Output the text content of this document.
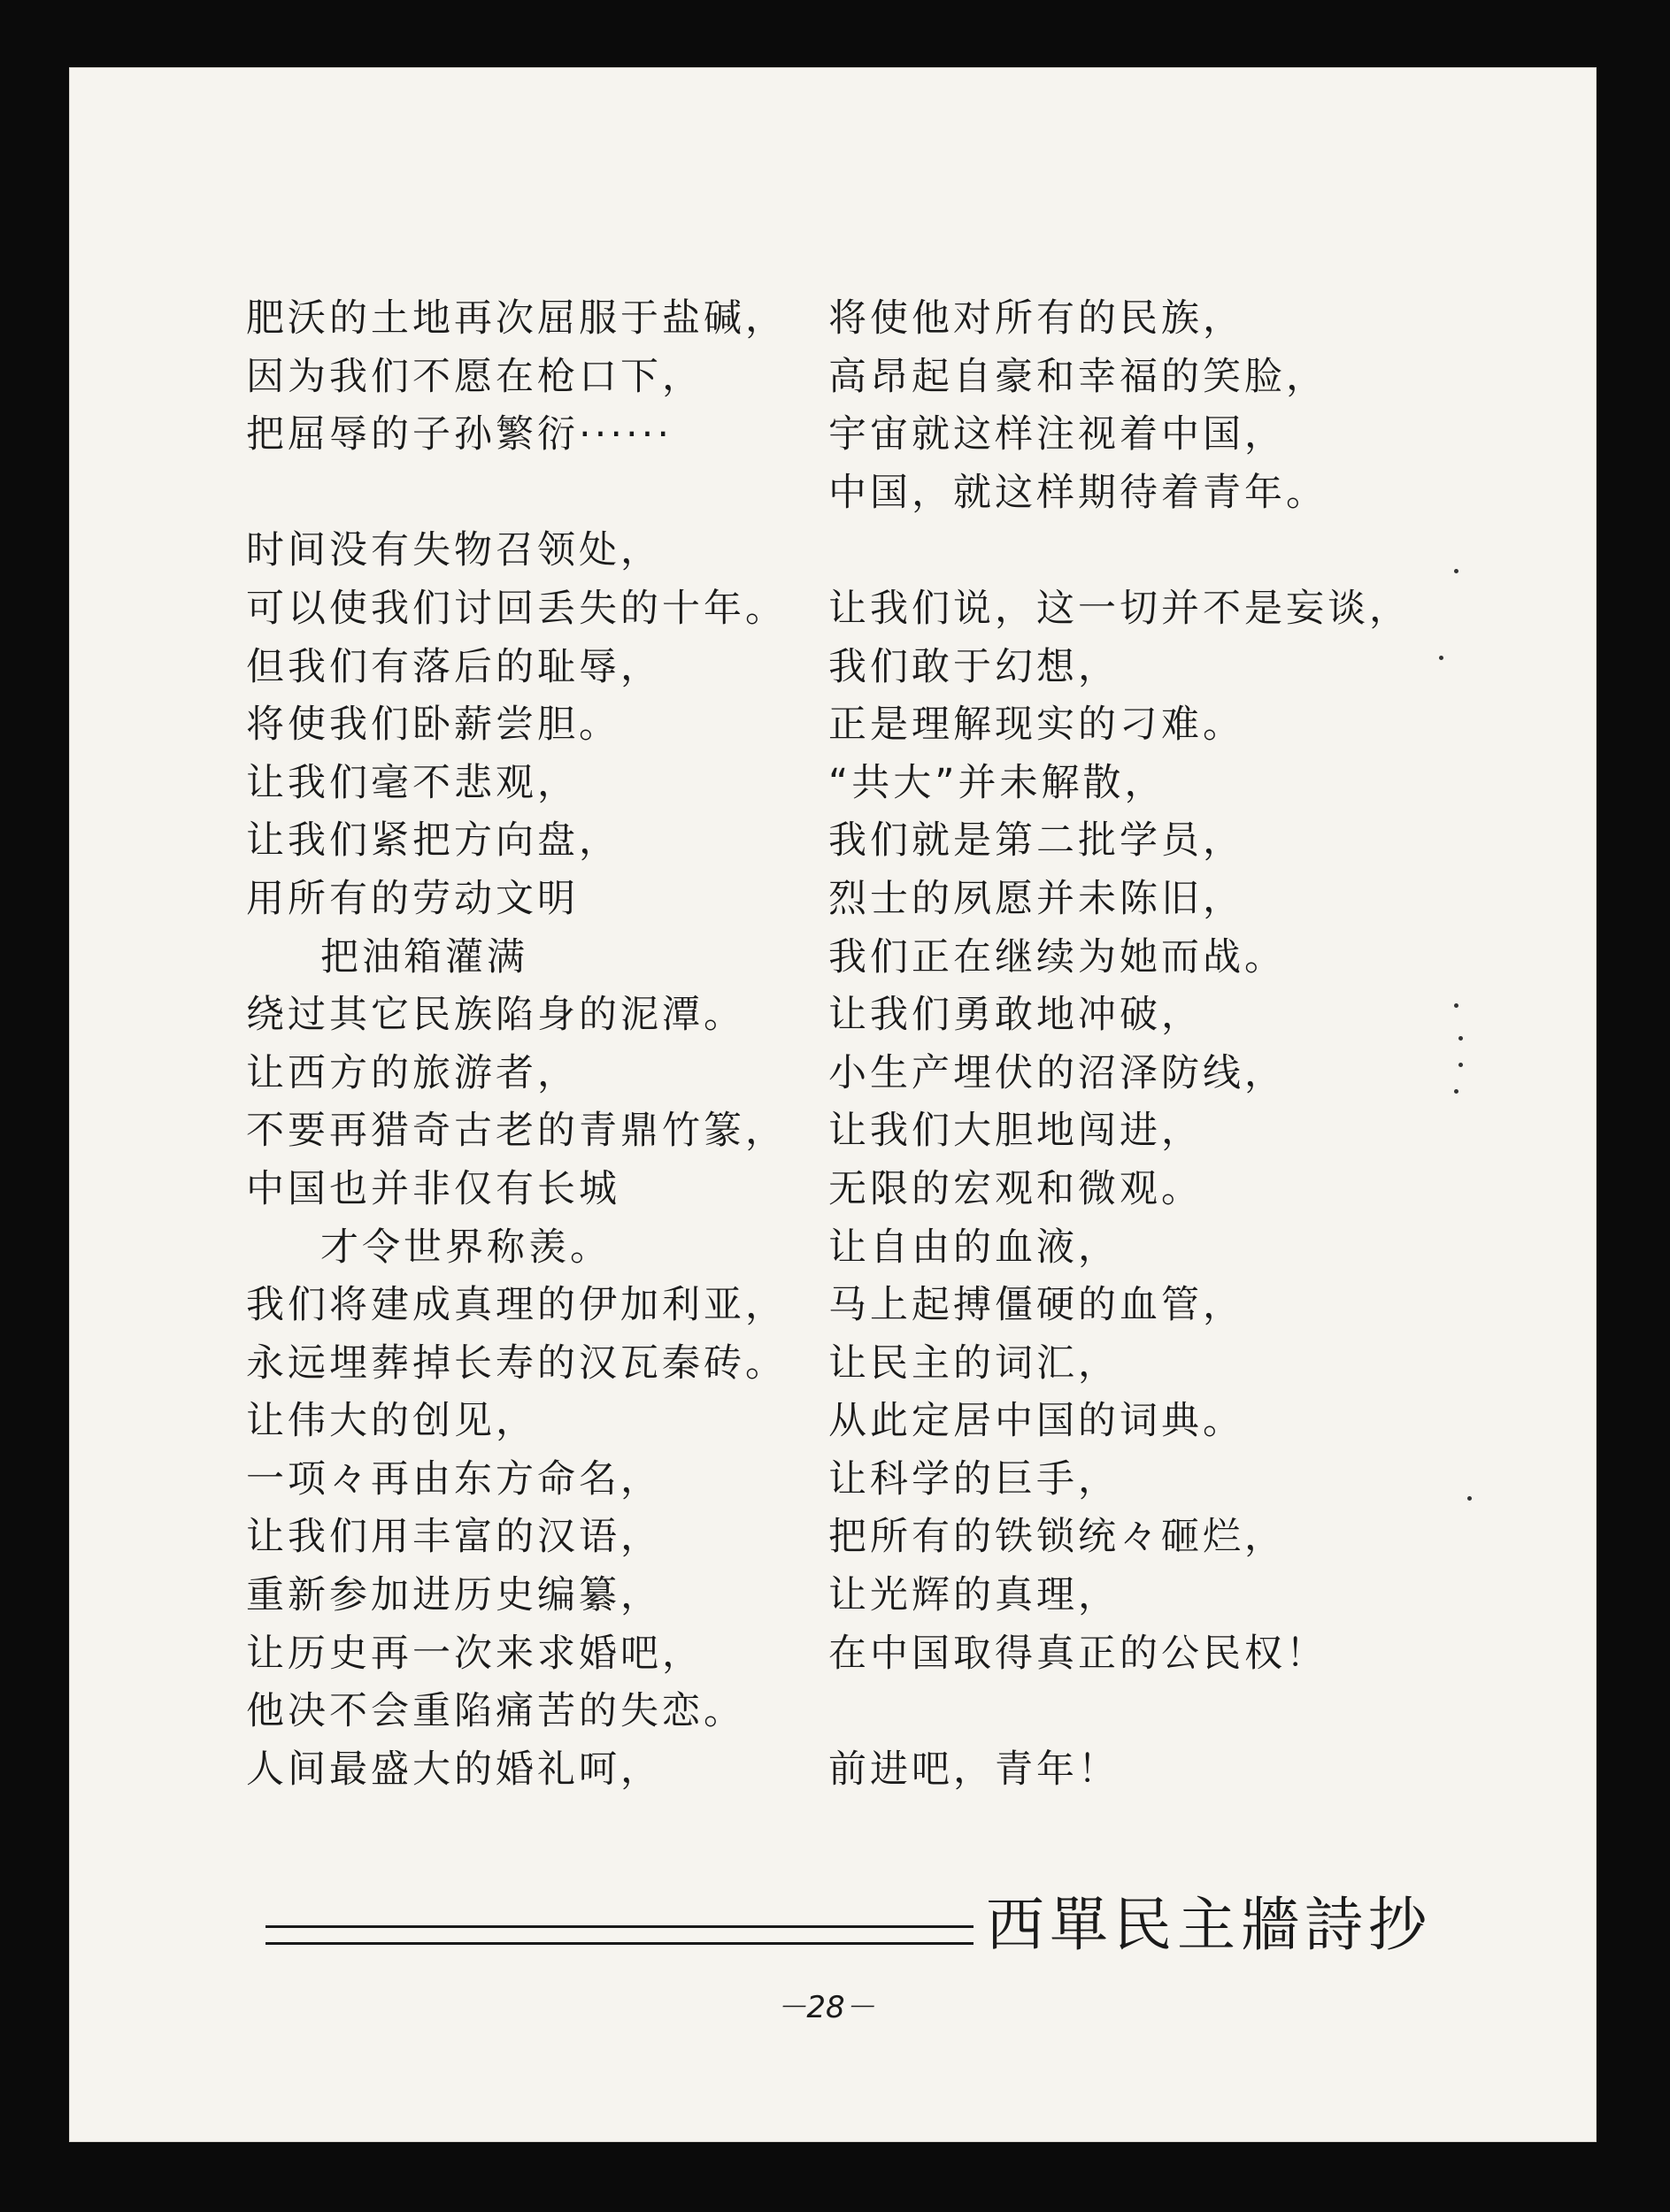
肥沃的土地再次屈服于盐碱，
因为我们不愿在枪口下，
把屈辱的子孙繁衍······
时间没有失物召领处，
可以使我们讨回丢失的十年。
但我们有落后的耻辱，
将使我们卧薪尝胆。
让我们毫不悲观，
让我们紧把方向盘，
用所有的劳动文明
把油箱灌满
绕过其它民族陷身的泥潭。
让西方的旅游者，
不要再猎奇古老的青鼎竹篆，
中国也并非仅有长城
才令世界称羡。
我们将建成真理的伊加利亚，
永远埋葬掉长寿的汉瓦秦砖。
让伟大的创见，
一项々再由东方命名，
让我们用丰富的汉语，
重新参加进历史编纂，
让历史再一次来求婚吧，
他决不会重陷痛苦的失恋。
人间最盛大的婚礼呵，
将使他对所有的民族，
高昂起自豪和幸福的笑脸，
宇宙就这样注视着中国，
中国，就这样期待着青年。
让我们说，这一切并不是妄谈，
我们敢于幻想，
正是理解现实的刁难。
“共大”并未解散，
我们就是第二批学员，
烈士的夙愿并未陈旧，
我们正在继续为她而战。
让我们勇敢地冲破，
小生产埋伏的沼泽防线，
让我们大胆地闯进，
无限的宏观和微观。
让自由的血液，
马上起搏僵硬的血管，
让民主的词汇，
从此定居中国的词典。
让科学的巨手，
把所有的铁锁统々砸烂，
让光辉的真理，
在中国取得真正的公民权！
前进吧，青年！
西單民主牆詩抄
－28－
